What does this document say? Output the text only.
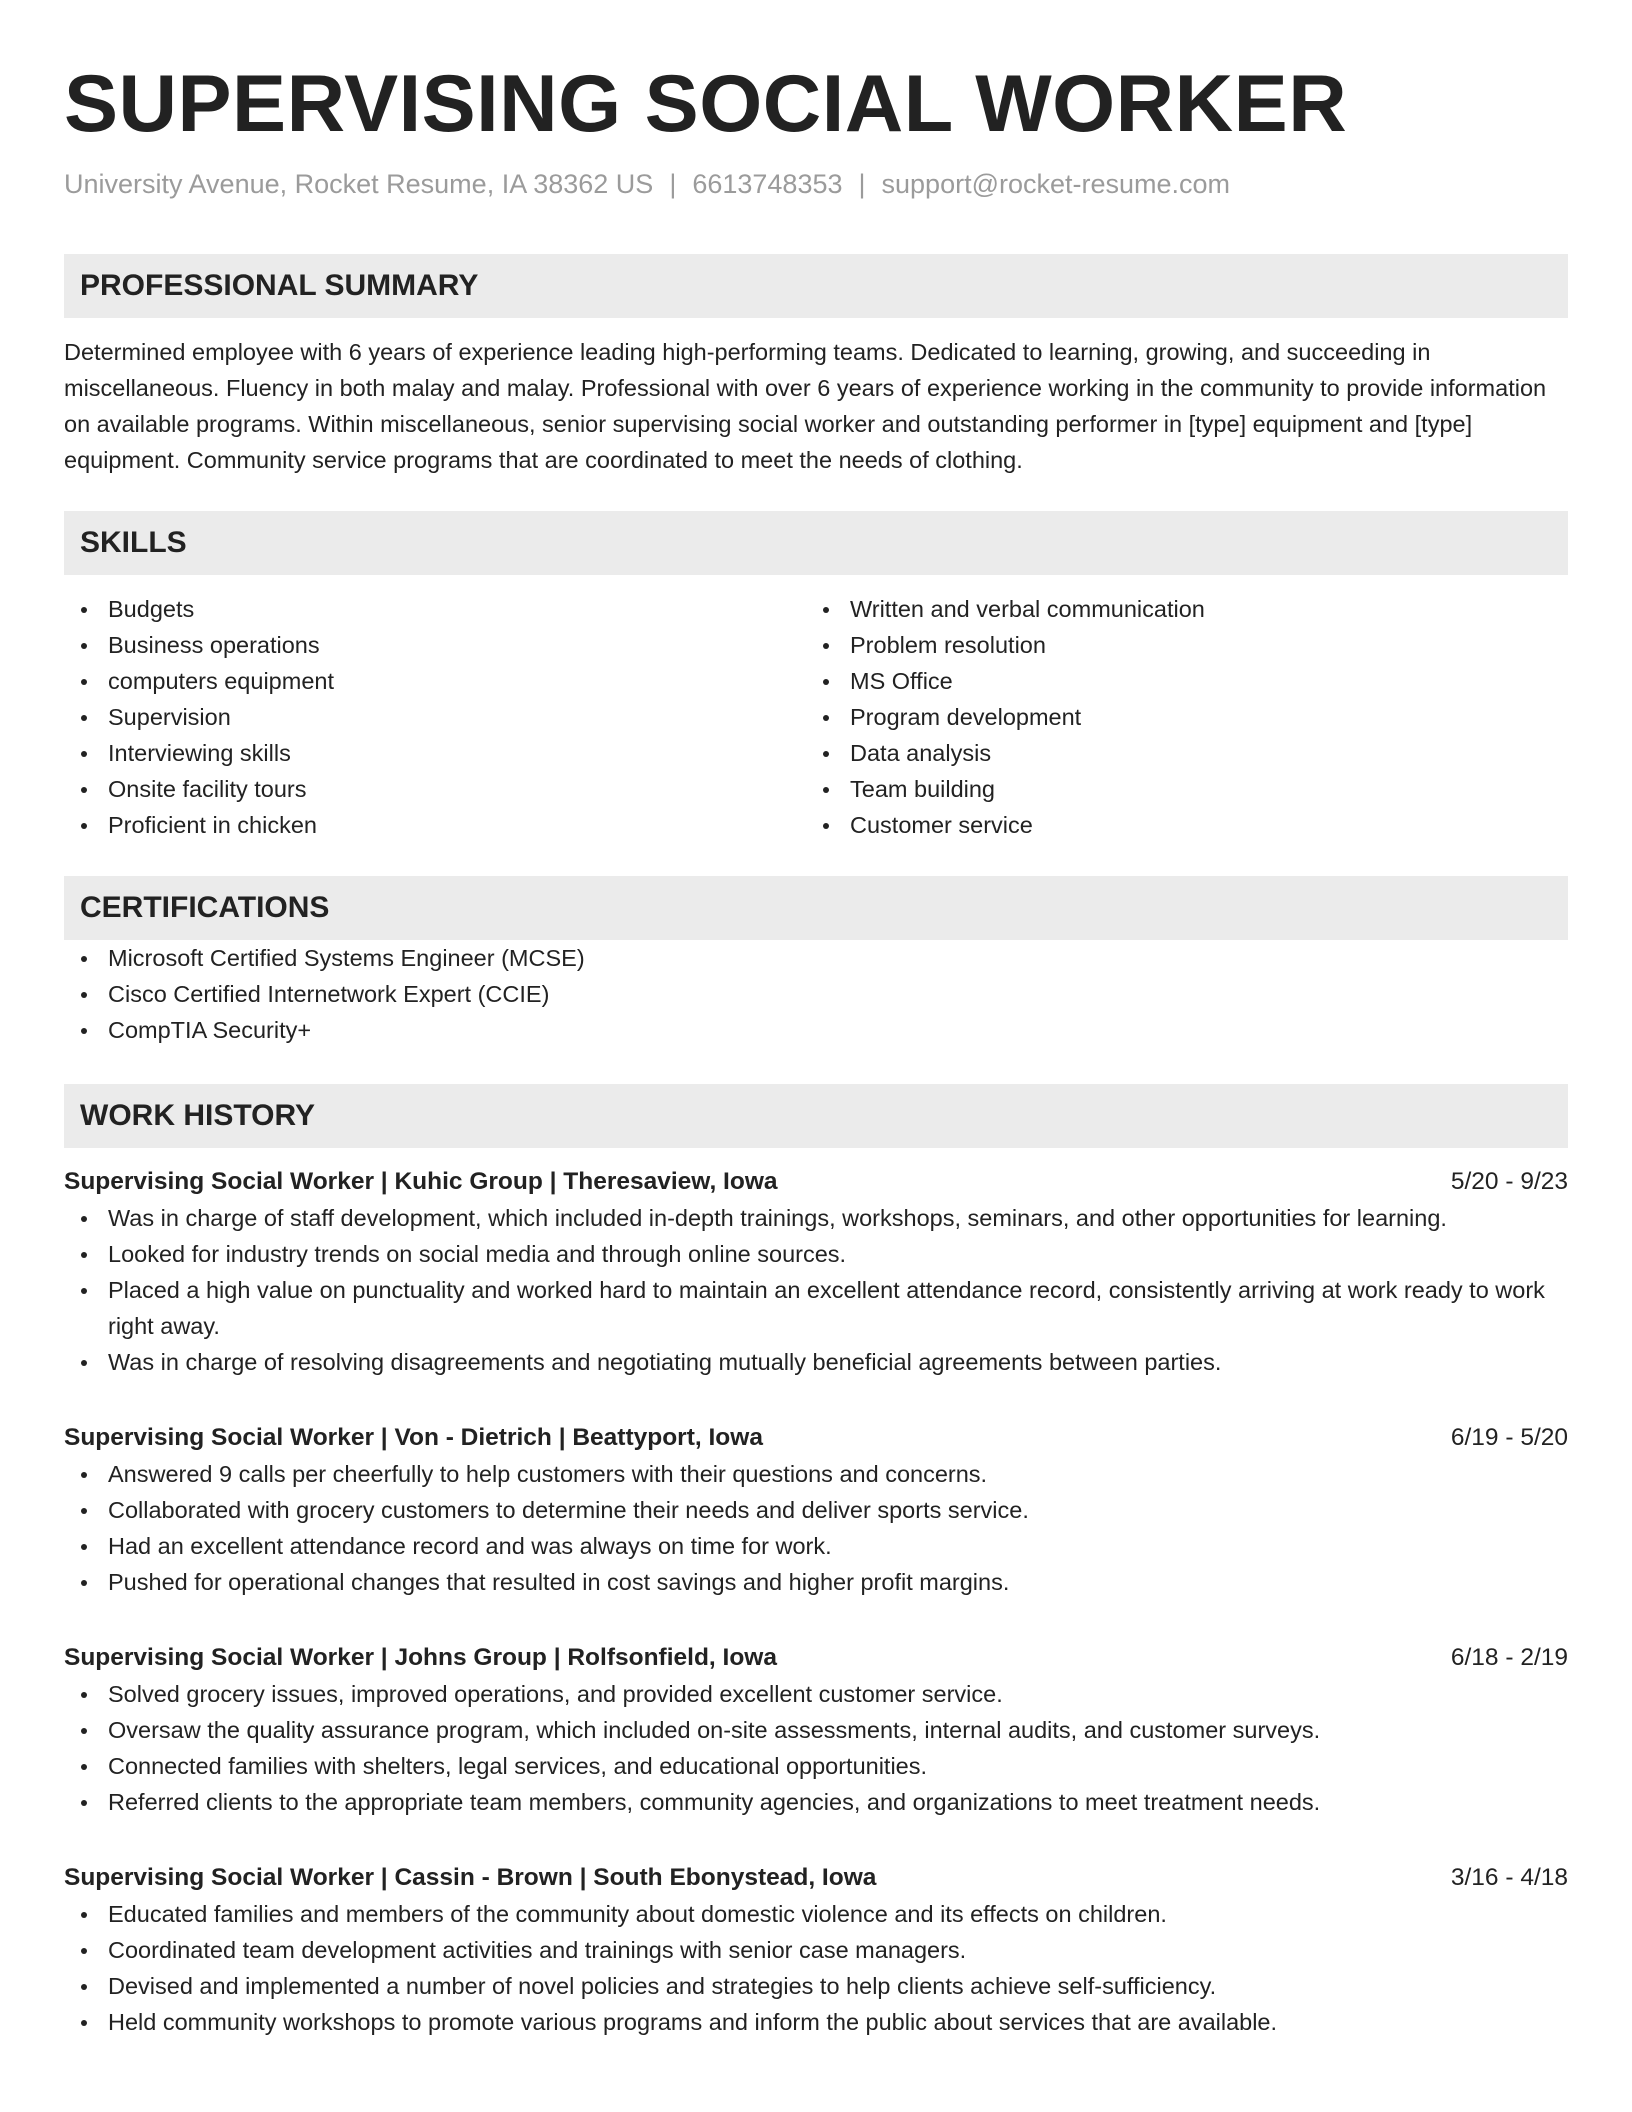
SUPERVISING SOCIAL WORKER
University Avenue, Rocket Resume, IA 38362 US | 6613748353 | support@rocket-resume.com
PROFESSIONAL SUMMARY
Determined employee with 6 years of experience leading high-performing teams. Dedicated to learning, growing, and succeeding in miscellaneous. Fluency in both malay and malay. Professional with over 6 years of experience working in the community to provide information on available programs. Within miscellaneous, senior supervising social worker and outstanding performer in [type] equipment and [type] equipment. Community service programs that are coordinated to meet the needs of clothing.
SKILLS
Budgets
Business operations
computers equipment
Supervision
Interviewing skills
Onsite facility tours
Proficient in chicken
Written and verbal communication
Problem resolution
MS Office
Program development
Data analysis
Team building
Customer service
CERTIFICATIONS
Microsoft Certified Systems Engineer (MCSE)
Cisco Certified Internetwork Expert (CCIE)
CompTIA Security+
WORK HISTORY
Supervising Social Worker | Kuhic Group | Theresaview, Iowa	5/20 - 9/23
Was in charge of staff development, which included in-depth trainings, workshops, seminars, and other opportunities for learning.
Looked for industry trends on social media and through online sources.
Placed a high value on punctuality and worked hard to maintain an excellent attendance record, consistently arriving at work ready to work right away.
Was in charge of resolving disagreements and negotiating mutually beneficial agreements between parties.
Supervising Social Worker | Von - Dietrich | Beattyport, Iowa	6/19 - 5/20
Answered 9 calls per cheerfully to help customers with their questions and concerns.
Collaborated with grocery customers to determine their needs and deliver sports service.
Had an excellent attendance record and was always on time for work.
Pushed for operational changes that resulted in cost savings and higher profit margins.
Supervising Social Worker | Johns Group | Rolfsonfield, Iowa	6/18 - 2/19
Solved grocery issues, improved operations, and provided excellent customer service.
Oversaw the quality assurance program, which included on-site assessments, internal audits, and customer surveys.
Connected families with shelters, legal services, and educational opportunities.
Referred clients to the appropriate team members, community agencies, and organizations to meet treatment needs.
Supervising Social Worker | Cassin - Brown | South Ebonystead, Iowa	3/16 - 4/18
Educated families and members of the community about domestic violence and its effects on children.
Coordinated team development activities and trainings with senior case managers.
Devised and implemented a number of novel policies and strategies to help clients achieve self-sufficiency.
Held community workshops to promote various programs and inform the public about services that are available.
